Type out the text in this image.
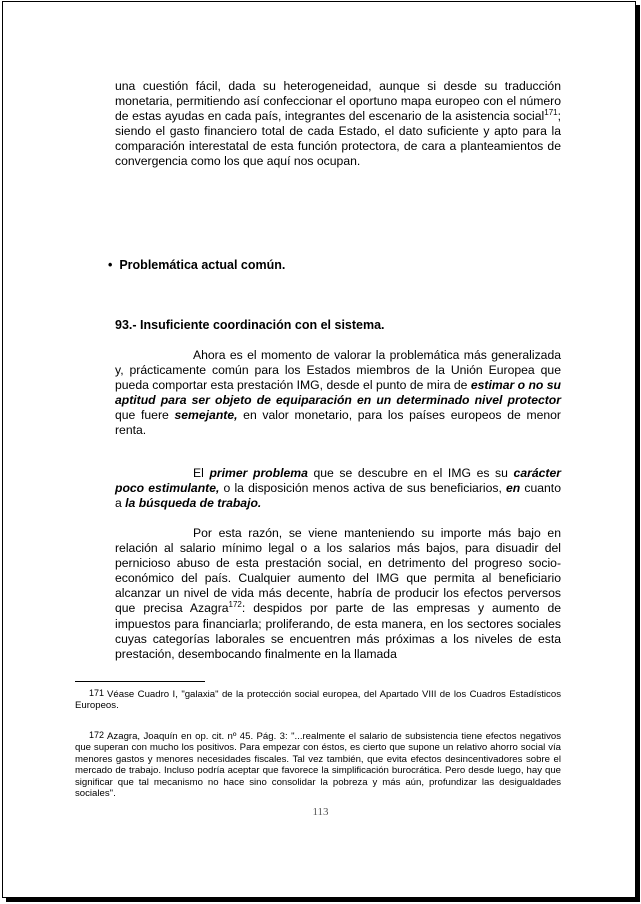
una cuestión fácil, dada su heterogeneidad, aunque si desde su traducción monetaria, permitiendo así confeccionar el oportuno mapa europeo con el número de estas ayudas en cada país, integrantes del escenario de la asistencia social$^{171}$; siendo el gasto financiero total de cada Estado, el dato suficiente y apto para la comparación interestatal de esta función protectora, de cara a planteamientos de convergencia como los que aquí nos ocupan.

• Problemática actual común.

93.- Insuficiente coordinación con el sistema.

Ahora es el momento de valorar la problemática más generalizada y, prácticamente común para los Estados miembros de la Unión Europea que pueda comportar esta prestación IMG, desde el punto de mira de estimar o no su aptitud para ser objeto de equiparación en un determinado nivel protector que fuere semejante, en valor monetario, para los países europeos de menor renta.

El primer problema que se descubre en el IMG es su carácter poco estimulante, o la disposición menos activa de sus beneficiarios, en cuanto a la búsqueda de trabajo.

Por esta razón, se viene manteniendo su importe más bajo en relación al salario mínimo legal o a los salarios más bajos, para disuadir del pernicioso abuso de esta prestación social, en detrimento del progreso socio-económico del país. Cualquier aumento del IMG que permita al beneficiario alcanzar un nivel de vida más decente, habría de producir los efectos perversos que precisa Azagra$^{172}$: despidos por parte de las empresas y aumento de impuestos para financiarla; proliferando, de esta manera, en los sectores sociales cuyas categorías laborales se encuentren más próximas a los niveles de esta prestación, desembocando finalmente en la llamada

171 Véase Cuadro I, "galaxia" de la protección social europea, del Apartado VIII de los Cuadros Estadísticos Europeos.

172 Azagra, Joaquín en op. cit. nº 45. Pág. 3: "...realmente el salario de subsistencia tiene efectos negativos que superan con mucho los positivos. Para empezar con éstos, es cierto que supone un relativo ahorro social vía menores gastos y menores necesidades fiscales. Tal vez también, que evita efectos desincentivadores sobre el mercado de trabajo. Incluso podría aceptar que favorece la simplificación burocrática. Pero desde luego, hay que significar que tal mecanismo no hace sino consolidar la pobreza y más aún, profundizar las desigualdades sociales".

113
